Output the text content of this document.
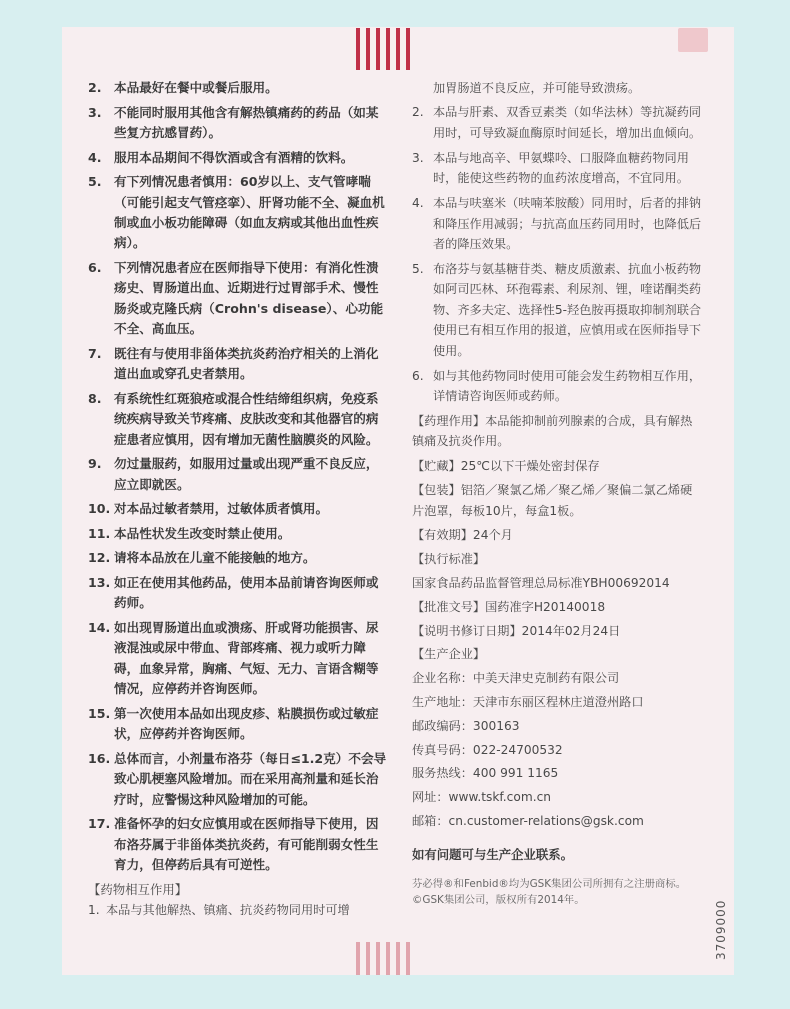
2. 本品最好在餐中或餐后服用。
3. 不能同时服用其他含有解热镇痛药的药品（如某些复方抗感冒药）。
4. 服用本品期间不得饮酒或含有酒精的饮料。
5. 有下列情况患者慎用：60岁以上、支气管哮喘（可能引起支气管痉挛）、肝肾功能不全、凝血机制或血小板功能障碍（如血友病或其他出血性疾病）。
6. 下列情况患者应在医师指导下使用：有消化性溃疡史、胃肠道出血、近期进行过胃部手术、慢性肠炎或克隆氏病（Crohn's disease）、心功能不全、高血压。
7. 既往有与使用非甾体类抗炎药治疗相关的上消化道出血或穿孔史者禁用。
8. 有系统性红斑狼疮或混合性结缔组织病，免疫系统疾病导致关节疼痛、皮肤改变和其他器官的病症患者应慎用，因有增加无菌性脑膜炎的风险。
9. 勿过量服药，如服用过量或出现严重不良反应，应立即就医。
10. 对本品过敏者禁用，过敏体质者慎用。
11. 本品性状发生改变时禁止使用。
12. 请将本品放在儿童不能接触的地方。
13. 如正在使用其他药品，使用本品前请咨询医师或药师。
14. 如出现胃肠道出血或溃疡、肝或肾功能损害、尿液混浊或尿中带血、背部疼痛、视力或听力障碍，血象异常，胸痛、气短、无力、言语含糊等情况，应停药并咨询医师。
15. 第一次使用本品如出现皮疹、粘膜损伤或过敏症状，应停药并咨询医师。
16. 总体而言，小剂量布洛芬（每日≤1.2克）不会导致心肌梗塞风险增加。而在采用高剂量和延长治疗时，应警惕这种风险增加的可能。
17. 准备怀孕的妇女应慎用或在医师指导下使用，因布洛芬属于非甾体类抗炎药，有可能削弱女性生育力，但停药后具有可逆性。
【药物相互作用】
1. 本品与其他解热、镇痛、抗炎药物同用时可增
加胃肠道不良反应，并可能导致溃疡。
2. 本品与肝素、双香豆素类（如华法林）等抗凝药同用时，可导致凝血酶原时间延长，增加出血倾向。
3. 本品与地高辛、甲氨蝶呤、口服降血糖药物同用时，能使这些药物的血药浓度增高，不宜同用。
4. 本品与呋塞米（呋喃苯胺酸）同用时，后者的排钠和降压作用减弱；与抗高血压药同用时，也降低后者的降压效果。
5. 布洛芬与氨基糖苷类、糖皮质激素、抗血小板药物如阿司匹林、环孢霉素、利尿剂、锂，喹诺酮类药物、齐多夫定、选择性5-羟色胺再摄取抑制剂联合使用已有相互作用的报道，应慎用或在医师指导下使用。
6. 如与其他药物同时使用可能会发生药物相互作用，详情请咨询医师或药师。
【药理作用】本品能抑制前列腺素的合成，具有解热镇痛及抗炎作用。
【贮藏】25℃以下干燥处密封保存
【包装】铝箔／聚氯乙烯／聚乙烯／聚偏二氯乙烯硬片泡罩，每板10片，每盒1板。
【有效期】24个月
【执行标准】
国家食品药品监督管理总局标准YBH00692014
【批准文号】国药准字H20140018
【说明书修订日期】2014年02月24日
【生产企业】
企业名称：中美天津史克制药有限公司
生产地址：天津市东丽区程林庄道澄州路口
邮政编码：300163
传真号码：022-24700532
服务热线：400 991 1165
网址：www.tskf.com.cn
邮箱：cn.customer-relations@gsk.com
如有问题可与生产企业联系。
芬必得®和Fenbid®均为GSK集团公司所拥有之注册商标。
©GSK集团公司，版权所有2014年。	3709000
